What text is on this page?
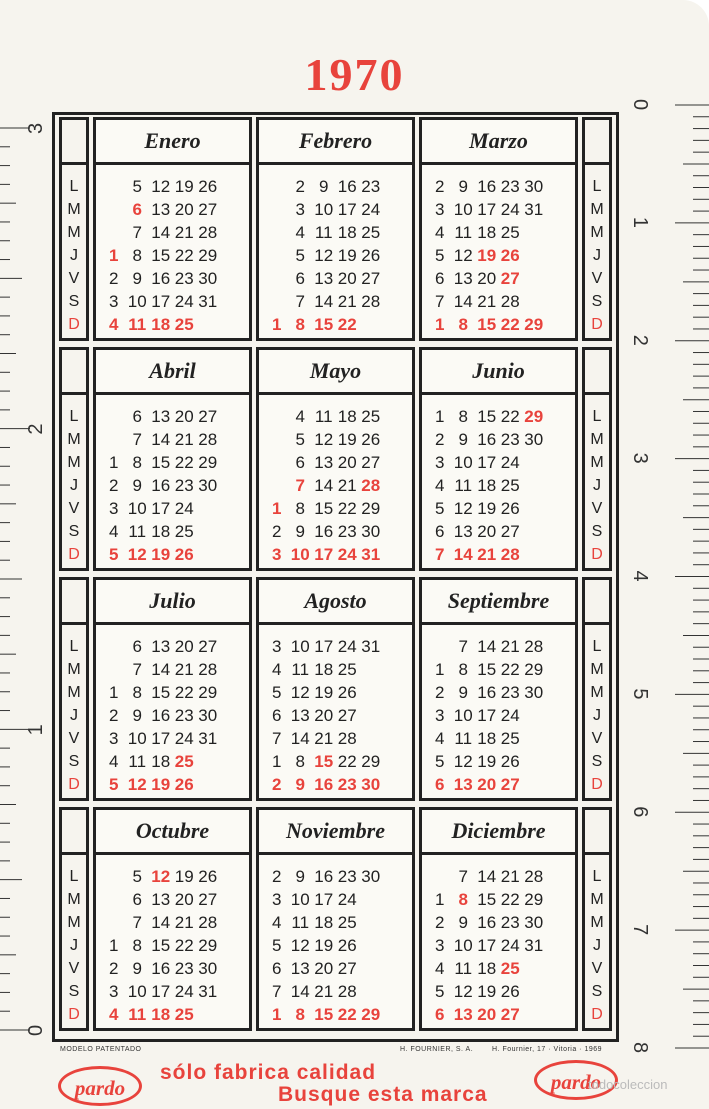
1970
3
2
1
0
0
1
2
3
4
5
6
7
8
L
M
M
J
V
S
D
Enero
5 12 19 26
6 13 20 27
7 14 21 28
1 8 15 22 29
2 9 16 23 30
3 10 17 24 31
4 11 18 25
Febrero
2 9 16 23
3 10 17 24
4 11 18 25
5 12 19 26
6 13 20 27
7 14 21 28
1 8 15 22
Marzo
2 9 16 23 30
3 10 17 24 31
4 11 18 25
5 12 19 26
6 13 20 27
7 14 21 28
1 8 15 22 29
L
M
M
J
V
S
D
L
M
M
J
V
S
D
Abril
6 13 20 27
7 14 21 28
1 8 15 22 29
2 9 16 23 30
3 10 17 24
4 11 18 25
5 12 19 26
Mayo
4 11 18 25
5 12 19 26
6 13 20 27
7 14 21 28
1 8 15 22 29
2 9 16 23 30
3 10 17 24 31
Junio
1 8 15 22 29
2 9 16 23 30
3 10 17 24
4 11 18 25
5 12 19 26
6 13 20 27
7 14 21 28
L
M
M
J
V
S
D
L
M
M
J
V
S
D
Julio
6 13 20 27
7 14 21 28
1 8 15 22 29
2 9 16 23 30
3 10 17 24 31
4 11 18 25
5 12 19 26
Agosto
3 10 17 24 31
4 11 18 25
5 12 19 26
6 13 20 27
7 14 21 28
1 8 15 22 29
2 9 16 23 30
Septiembre
7 14 21 28
1 8 15 22 29
2 9 16 23 30
3 10 17 24
4 11 18 25
5 12 19 26
6 13 20 27
L
M
M
J
V
S
D
L
M
M
J
V
S
D
Octubre
5 12 19 26
6 13 20 27
7 14 21 28
1 8 15 22 29
2 9 16 23 30
3 10 17 24 31
4 11 18 25
Noviembre
2 9 16 23 30
3 10 17 24
4 11 18 25
5 12 19 26
6 13 20 27
7 14 21 28
1 8 15 22 29
Diciembre
7 14 21 28
1 8 15 22 29
2 9 16 23 30
3 10 17 24 31
4 11 18 25
5 12 19 26
6 13 20 27
L
M
M
J
V
S
D
MODELO PATENTADO	H. FOURNIER, S. A.	H. Fournier, 17 · Vitoria · 1969
pardo
sólo fabrica calidad
Busque esta marca
pardo
todocoleccion
